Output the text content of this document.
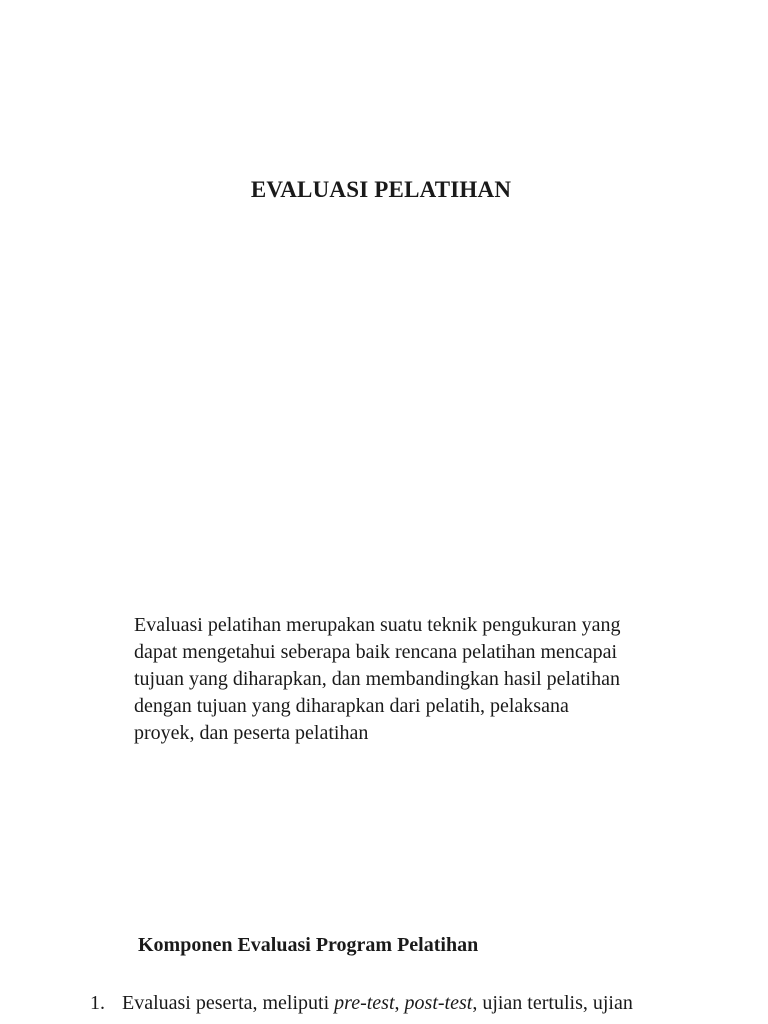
EVALUASI PELATIHAN

Evaluasi pelatihan merupakan suatu teknik pengukuran yang
dapat mengetahui seberapa baik rencana pelatihan mencapai
tujuan yang diharapkan, dan membandingkan hasil pelatihan
dengan tujuan yang diharapkan dari pelatih, pelaksana
proyek, dan peserta pelatihan

Komponen Evaluasi Program Pelatihan
1. Evaluasi peserta, meliputi pre-test, post-test, ujian tertulis, ujian
